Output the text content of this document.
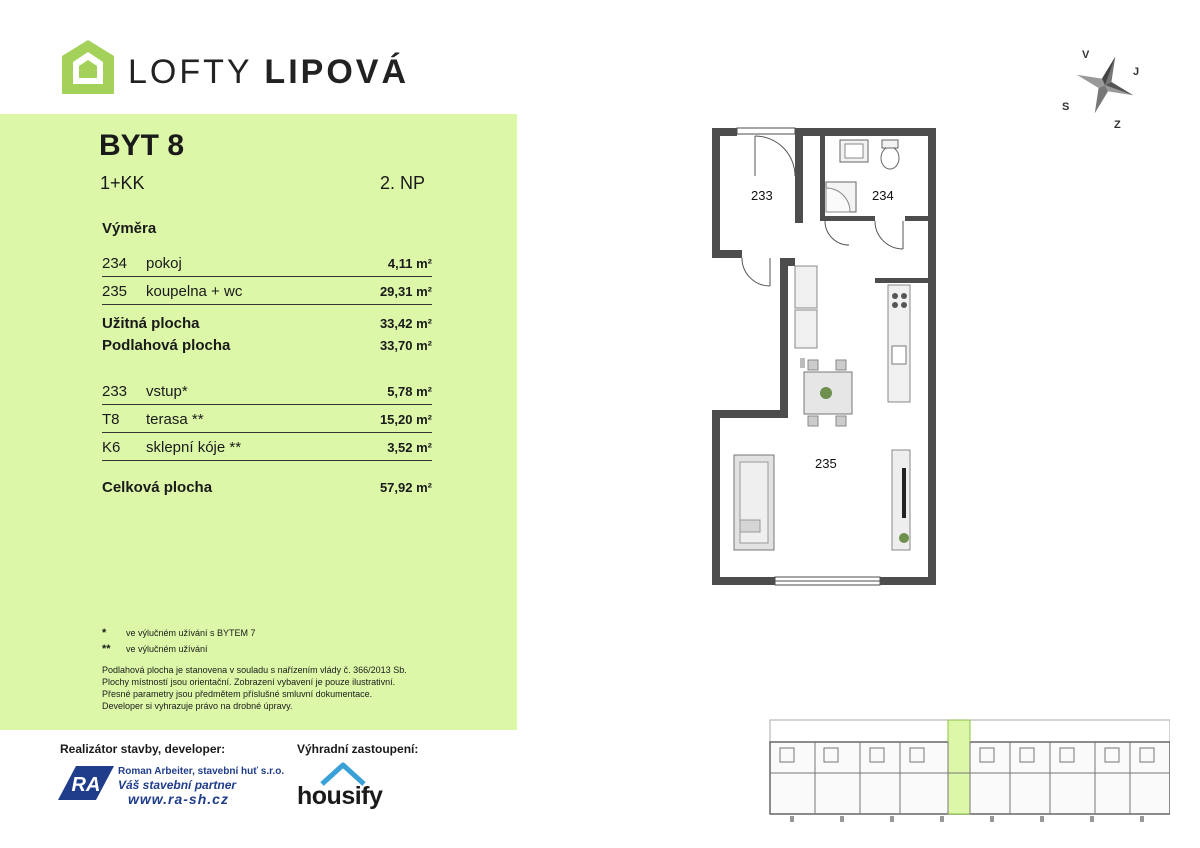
LOFTY LIPOVÁ
BYT 8
1+KK	2. NP
Výměra
234 pokoj	4,11 m²
235 koupelna + wc	29,31 m²
Užitná plocha	33,42 m²
Podlahová plocha	33,70 m²
233 vstup*	5,78 m²
T8 terasa **	15,20 m²
K6 sklepní kóje **	3,52 m²
Celková plocha	57,92 m²
* ve výlučném užívání s BYTEM 7
** ve výlučném užívání
Podlahová plocha je stanovena v souladu s nařízením vlády č. 366/2013 Sb.
Plochy místností jsou orientační. Zobrazení vybavení je pouze ilustrativní.
Přesné parametry jsou předmětem příslušné smluvní dokumentace.
Developer si vyhrazuje právo na drobné úpravy.
Realizátor stavby, developer:	Výhradní zastoupení:
RA
Roman Arbeiter, stavební huť s.r.o.
Váš stavební partner
www.ra-sh.cz	housify
V
J
S
Z
233	234
235
